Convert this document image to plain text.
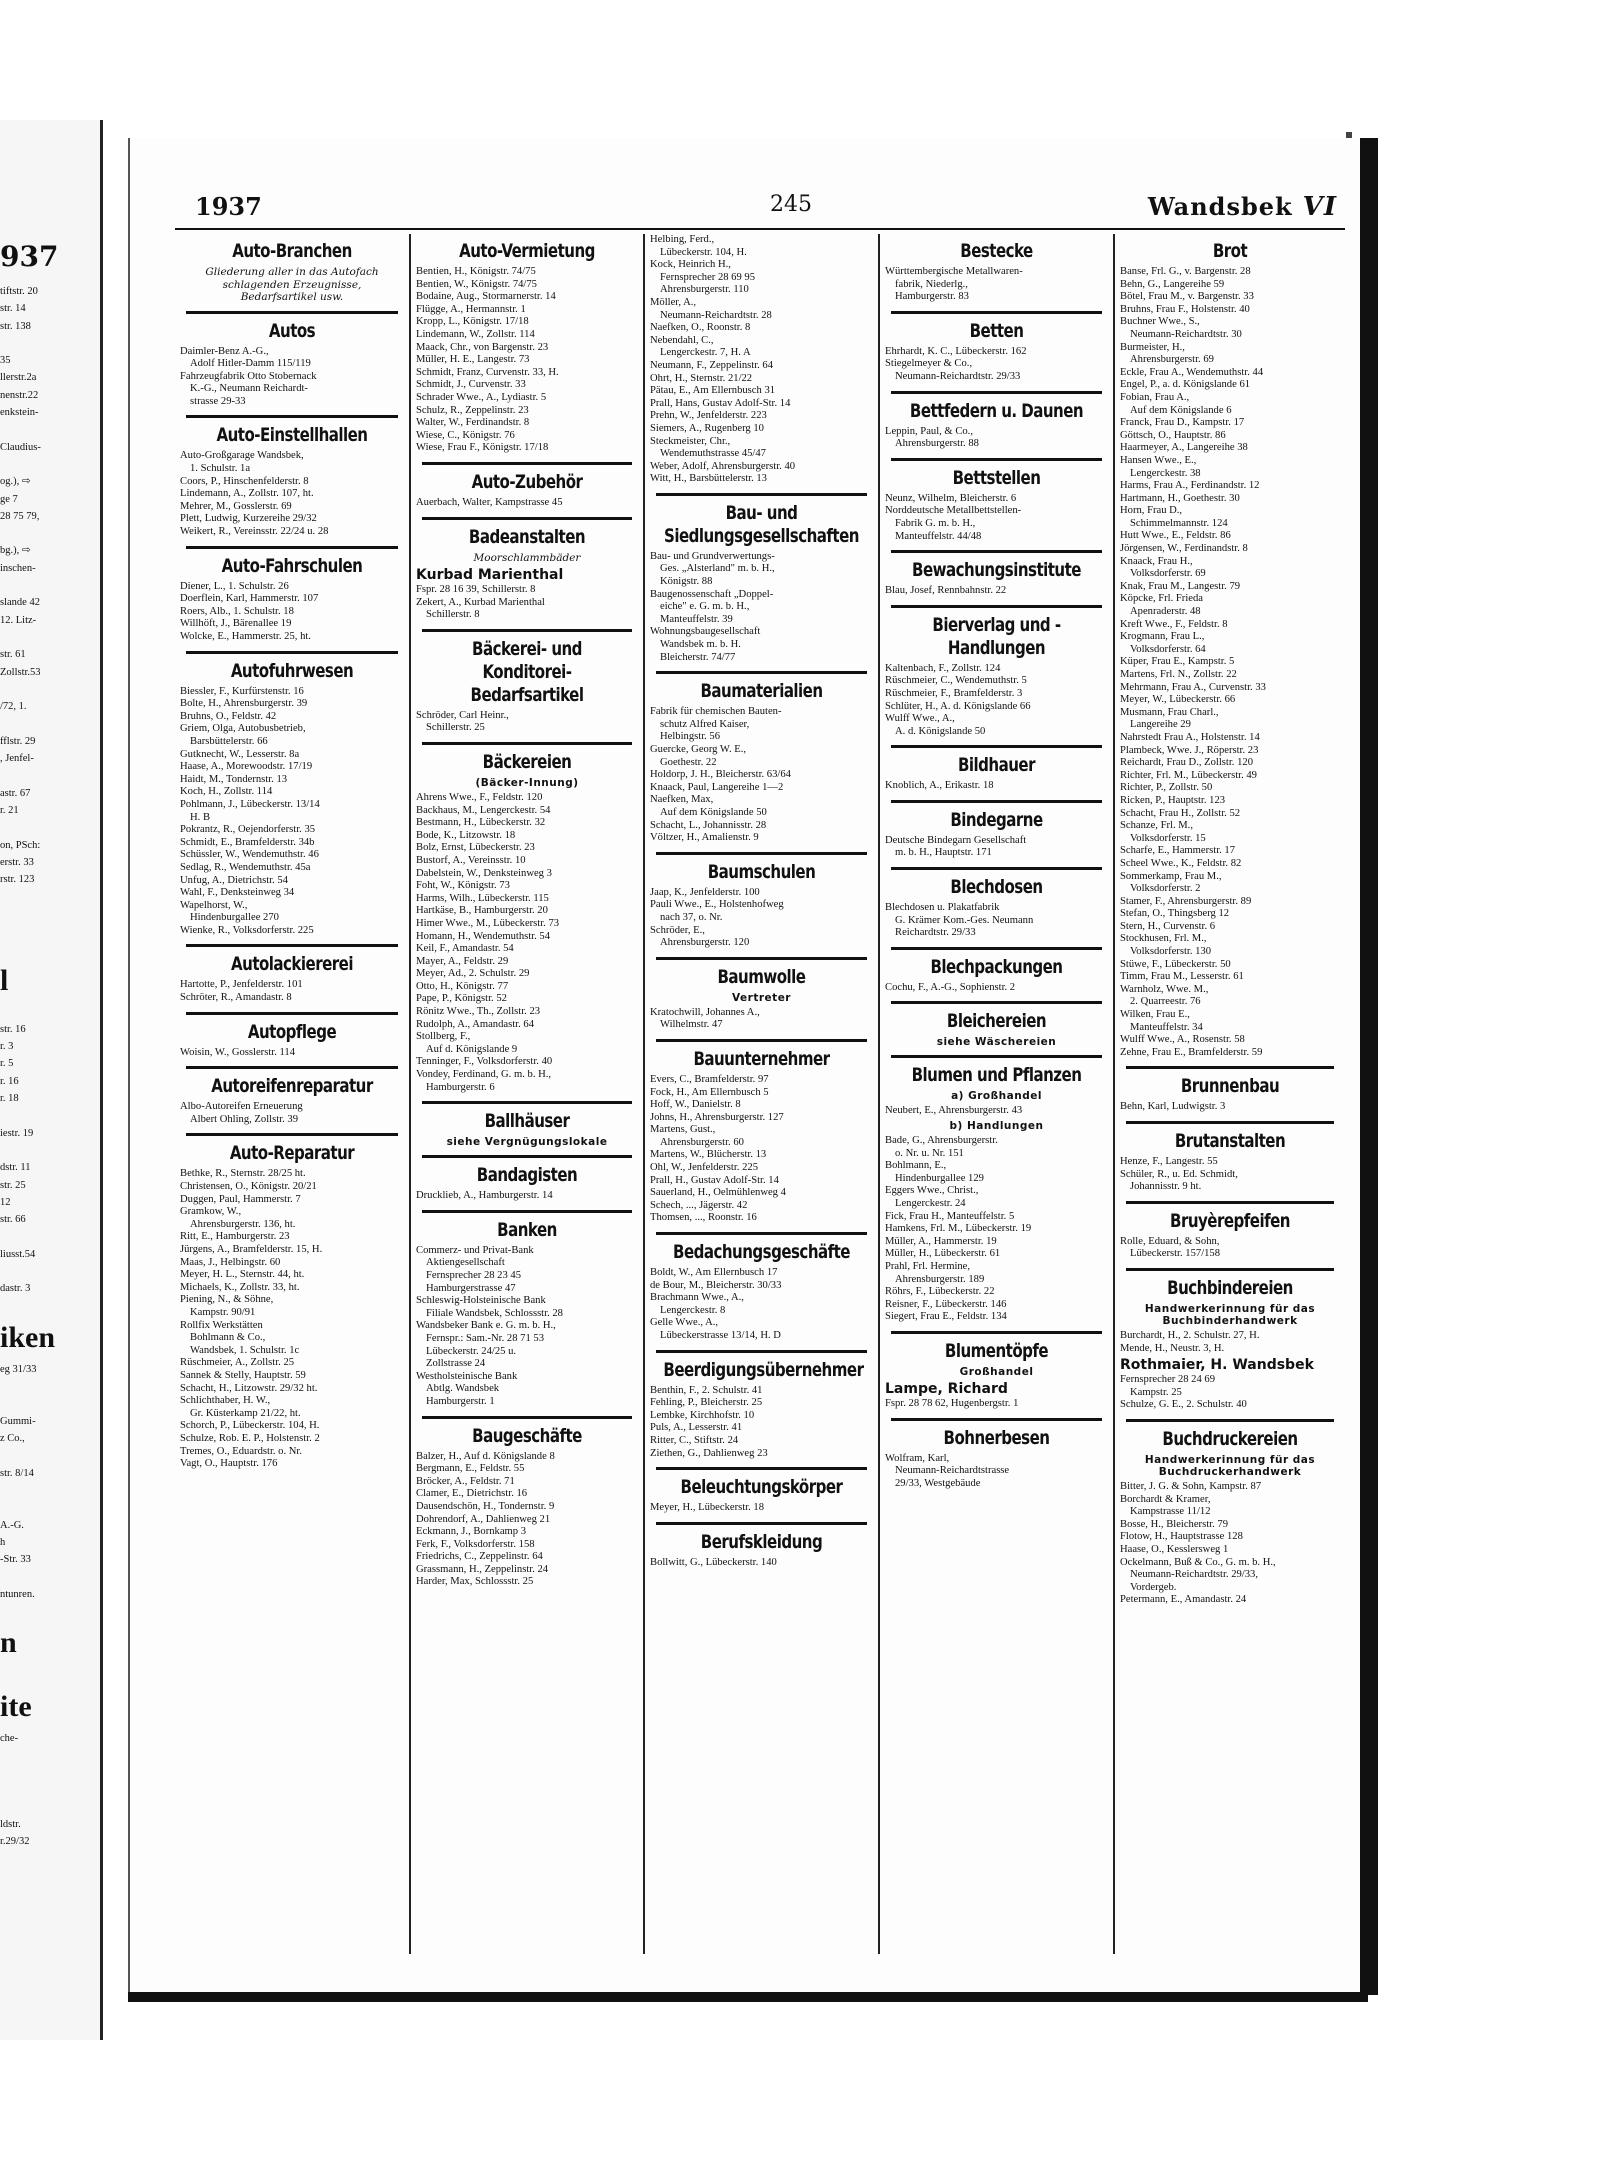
937
tiftstr. 20
str. 14
str. 138

35
llerstr.2a
nenstr.22
enkstein-

Claudius-

og.), ⇨
ge 7
28 75 79,

bg.), ⇨
inschen-

slande 42
12. Litz-

str. 61
Zollstr.53

/72, 1.

fflstr. 29
, Jenfel-

astr. 67
r. 21

on, PSch:
erstr. 33
rstr. 123

l

str. 16
r. 3
r. 5
r. 16
r. 18

iestr. 19

dstr. 11
str. 25
12
str. 66

liusst.54

dastr. 3

iken
eg 31/33

Gummi-
z Co.,

str. 8/14

A.-G.
h
-Str. 33

ntunren.

n

ite
che-

ldstr.
r.29/32
1937	245	Wandsbek VI
Auto-Branchen
Gliederung aller in das Autofach schlagenden Erzeugnisse, Bedarfsartikel usw.
Autos
Daimler-Benz A.-G.,
Adolf Hitler-Damm 115/119
Fahrzeugfabrik Otto Stobernack
K.-G., Neumann Reichardt-
strasse 29-33
Auto-Einstellhallen
Auto-Großgarage Wandsbek,
1. Schulstr. 1a
Coors, P., Hinschenfelderstr. 8
Lindemann, A., Zollstr. 107, ht.
Mehrer, M., Gosslerstr. 69
Plett, Ludwig, Kurzereihe 29/32
Weikert, R., Vereinsstr. 22/24 u. 28
Auto-Fahrschulen
Diener, L., 1. Schulstr. 26
Doerflein, Karl, Hammerstr. 107
Roers, Alb., 1. Schulstr. 18
Willhöft, J., Bärenallee 19
Wolcke, E., Hammerstr. 25, ht.
Autofuhrwesen
Biessler, F., Kurfürstenstr. 16
Bolte, H., Ahrensburgerstr. 39
Bruhns, O., Feldstr. 42
Griem, Olga, Autobusbetrieb,
Barsbüttelerstr. 66
Gutknecht, W., Lesserstr. 8a
Haase, A., Morewoodstr. 17/19
Haidt, M., Tondernstr. 13
Koch, H., Zollstr. 114
Pohlmann, J., Lübeckerstr. 13/14
H. B
Pokrantz, R., Oejendorferstr. 35
Schmidt, E., Bramfelderstr. 34b
Schüssler, W., Wendemuthstr. 46
Sedlag, R., Wendemuthstr. 45a
Unfug, A., Dietrichstr. 54
Wahl, F., Denksteinweg 34
Wapelhorst, W.,
Hindenburgallee 270
Wienke, R., Volksdorferstr. 225
Autolackiererei
Hartotte, P., Jenfelderstr. 101
Schröter, R., Amandastr. 8
Autopflege
Woisin, W., Gosslerstr. 114
Autoreifenreparatur
Albo-Autoreifen Erneuerung
Albert Ohling, Zollstr. 39
Auto-Reparatur
Bethke, R., Sternstr. 28/25 ht.
Christensen, O., Königstr. 20/21
Duggen, Paul, Hammerstr. 7
Gramkow, W.,
Ahrensburgerstr. 136, ht.
Ritt, E., Hamburgerstr. 23
Jürgens, A., Bramfelderstr. 15, H.
Maas, J., Helbingstr. 60
Meyer, H. L., Sternstr. 44, ht.
Michaels, K., Zollstr. 33, ht.
Piening, N., & Söhne,
Kampstr. 90/91
Rollfix Werkstätten
Bohlmann & Co.,
Wandsbek, 1. Schulstr. 1c
Rüschmeier, A., Zollstr. 25
Sannek & Stelly, Hauptstr. 59
Schacht, H., Litzowstr. 29/32 ht.
Schlichthaber, H. W.,
Gr. Küsterkamp 21/22, ht.
Schorch, P., Lübeckerstr. 104, H.
Schulze, Rob. E. P., Holstenstr. 2
Tremes, O., Eduardstr. o. Nr.
Vagt, O., Hauptstr. 176
Auto-Vermietung
Bentien, H., Königstr. 74/75
Bentien, W., Königstr. 74/75
Bodaine, Aug., Stormarnerstr. 14
Flügge, A., Hermannstr. 1
Kropp, L., Königstr. 17/18
Lindemann, W., Zollstr. 114
Maack, Chr., von Bargenstr. 23
Müller, H. E., Langestr. 73
Schmidt, Franz, Curvenstr. 33, H.
Schmidt, J., Curvenstr. 33
Schrader Wwe., A., Lydiastr. 5
Schulz, R., Zeppelinstr. 23
Walter, W., Ferdinandstr. 8
Wiese, C., Königstr. 76
Wiese, Frau F., Königstr. 17/18
Auto-Zubehör
Auerbach, Walter, Kampstrasse 45
Badeanstalten
Moorschlammbäder
Kurbad Marienthal
Fspr. 28 16 39, Schillerstr. 8
Zekert, A., Kurbad Marienthal
Schillerstr. 8
Bäckerei- und Konditorei-Bedarfsartikel
Schröder, Carl Heinr.,
Schillerstr. 25
Bäckereien
(Bäcker-Innung)
Ahrens Wwe., F., Feldstr. 120
Backhaus, M., Lengerckestr. 54
Bestmann, H., Lübeckerstr. 32
Bode, K., Litzowstr. 18
Bolz, Ernst, Lübeckerstr. 23
Bustorf, A., Vereinsstr. 10
Dabelstein, W., Denksteinweg 3
Foht, W., Königstr. 73
Harms, Wilh., Lübeckerstr. 115
Hartkäse, B., Hamburgerstr. 20
Himer Wwe., M., Lübeckerstr. 73
Homann, H., Wendemuthstr. 54
Keil, F., Amandastr. 54
Mayer, A., Feldstr. 29
Meyer, Ad., 2. Schulstr. 29
Otto, H., Königstr. 77
Pape, P., Königstr. 52
Rönitz Wwe., Th., Zollstr. 23
Rudolph, A., Amandastr. 64
Stollberg, F.,
Auf d. Königslande 9
Tenninger, F., Volksdorferstr. 40
Vondey, Ferdinand, G. m. b. H.,
Hamburgerstr. 6
Ballhäuser
siehe Vergnügungslokale
Bandagisten
Drucklieb, A., Hamburgerstr. 14
Banken
Commerz- und Privat-Bank
Aktiengesellschaft
Fernsprecher 28 23 45
Hamburgerstrasse 47
Schleswig-Holsteinische Bank
Filiale Wandsbek, Schlossstr. 28
Wandsbeker Bank e. G. m. b. H.,
Fernspr.: Sam.-Nr. 28 71 53
Lübeckerstr. 24/25 u.
Zollstrasse 24
Westholsteinische Bank
Abtlg. Wandsbek
Hamburgerstr. 1
Baugeschäfte
Balzer, H., Auf d. Königslande 8
Bergmann, E., Feldstr. 55
Bröcker, A., Feldstr. 71
Clamer, E., Dietrichstr. 16
Dausendschön, H., Tondernstr. 9
Dohrendorf, A., Dahlienweg 21
Eckmann, J., Bornkamp 3
Ferk, F., Volksdorferstr. 158
Friedrichs, C., Zeppelinstr. 64
Grassmann, H., Zeppelinstr. 24
Harder, Max, Schlossstr. 25
Helbing, Ferd.,
Lübeckerstr. 104, H.
Kock, Heinrich H.,
Fernsprecher 28 69 95
Ahrensburgerstr. 110
Möller, A.,
Neumann-Reichardtstr. 28
Naefken, O., Roonstr. 8
Nebendahl, C.,
Lengerckestr. 7, H. A
Neumann, F., Zeppelinstr. 64
Ohrt, H., Sternstr. 21/22
Pätau, E., Am Ellernbusch 31
Prall, Hans, Gustav Adolf-Str. 14
Prehn, W., Jenfelderstr. 223
Siemers, A., Rugenberg 10
Steckmeister, Chr.,
Wendemuthstrasse 45/47
Weber, Adolf, Ahrensburgerstr. 40
Witt, H., Barsbüttelerstr. 13
Bau- und Siedlungsgesellschaften
Bau- und Grundverwertungs-
Ges. „Alsterland" m. b. H.,
Königstr. 88
Baugenossenschaft „Doppel-
eiche" e. G. m. b. H.,
Manteuffelstr. 39
Wohnungsbaugesellschaft
Wandsbek m. b. H.
Bleicherstr. 74/77
Baumaterialien
Fabrik für chemischen Bauten-
schutz Alfred Kaiser,
Helbingstr. 56
Guercke, Georg W. E.,
Goethestr. 22
Holdorp, J. H., Bleicherstr. 63/64
Knaack, Paul, Langereihe 1—2
Naefken, Max,
Auf dem Königslande 50
Schacht, L., Johannisstr. 28
Völtzer, H., Amalienstr. 9
Baumschulen
Jaap, K., Jenfelderstr. 100
Pauli Wwe., E., Holstenhofweg
nach 37, o. Nr.
Schröder, E.,
Ahrensburgerstr. 120
Baumwolle
Vertreter
Kratochwill, Johannes A.,
Wilhelmstr. 47
Bauunternehmer
Evers, C., Bramfelderstr. 97
Fock, H., Am Ellernbusch 5
Hoff, W., Danielstr. 8
Johns, H., Ahrensburgerstr. 127
Martens, Gust.,
Ahrensburgerstr. 60
Martens, W., Blücherstr. 13
Ohl, W., Jenfelderstr. 225
Prall, H., Gustav Adolf-Str. 14
Sauerland, H., Oelmühlenweg 4
Schech, ..., Jägerstr. 42
Thomsen, ..., Roonstr. 16
Bedachungsgeschäfte
Boldt, W., Am Ellernbusch 17
de Bour, M., Bleicherstr. 30/33
Brachmann Wwe., A.,
Lengerckestr. 8
Gelle Wwe., A.,
Lübeckerstrasse 13/14, H. D
Beerdigungsübernehmer
Benthin, F., 2. Schulstr. 41
Fehling, P., Bleicherstr. 25
Lembke, Kirchhofstr. 10
Puls, A., Lesserstr. 41
Ritter, C., Stiftstr. 24
Ziethen, G., Dahlienweg 23
Beleuchtungskörper
Meyer, H., Lübeckerstr. 18
Berufskleidung
Bollwitt, G., Lübeckerstr. 140
Bestecke
Württembergische Metallwaren-
fabrik, Niederlg.,
Hamburgerstr. 83
Betten
Ehrhardt, K. C., Lübeckerstr. 162
Stiegelmeyer & Co.,
Neumann-Reichardtstr. 29/33
Bettfedern u. Daunen
Leppin, Paul, & Co.,
Ahrensburgerstr. 88
Bettstellen
Neunz, Wilhelm, Bleicherstr. 6
Norddeutsche Metallbettstellen-
Fabrik G. m. b. H.,
Manteuffelstr. 44/48
Bewachungsinstitute
Blau, Josef, Rennbahnstr. 22
Bierverlag und -Handlungen
Kaltenbach, F., Zollstr. 124
Rüschmeier, C., Wendemuthstr. 5
Rüschmeier, F., Bramfelderstr. 3
Schlüter, H., A. d. Königslande 66
Wulff Wwe., A.,
A. d. Königslande 50
Bildhauer
Knoblich, A., Erikastr. 18
Bindegarne
Deutsche Bindegarn Gesellschaft
m. b. H., Hauptstr. 171
Blechdosen
Blechdosen u. Plakatfabrik
G. Krämer Kom.-Ges. Neumann
Reichardtstr. 29/33
Blechpackungen
Cochu, F., A.-G., Sophienstr. 2
Bleichereien
siehe Wäschereien
Blumen und Pflanzen
a) Großhandel
Neubert, E., Ahrensburgerstr. 43
b) Handlungen
Bade, G., Ahrensburgerstr.
o. Nr. u. Nr. 151
Bohlmann, E.,
Hindenburgallee 129
Eggers Wwe., Christ.,
Lengerckestr. 24
Fick, Frau H., Manteuffelstr. 5
Hamkens, Frl. M., Lübeckerstr. 19
Müller, A., Hammerstr. 19
Müller, H., Lübeckerstr. 61
Prahl, Frl. Hermine,
Ahrensburgerstr. 189
Röhrs, F., Lübeckerstr. 22
Reisner, F., Lübeckerstr. 146
Siegert, Frau E., Feldstr. 134
Blumentöpfe
Großhandel
Lampe, Richard
Fspr. 28 78 62, Hugenbergstr. 1
Bohnerbesen
Wolfram, Karl,
Neumann-Reichardtstrasse
29/33, Westgebäude
Brot
Banse, Frl. G., v. Bargenstr. 28
Behn, G., Langereihe 59
Bötel, Frau M., v. Bargenstr. 33
Bruhns, Frau F., Holstenstr. 40
Buchner Wwe., S.,
Neumann-Reichardtstr. 30
Burmeister, H.,
Ahrensburgerstr. 69
Eckle, Frau A., Wendemuthstr. 44
Engel, P., a. d. Königslande 61
Fobian, Frau A.,
Auf dem Königslande 6
Franck, Frau D., Kampstr. 17
Göttsch, O., Hauptstr. 86
Haarmeyer, A., Langereihe 38
Hansen Wwe., E.,
Lengerckestr. 38
Harms, Frau A., Ferdinandstr. 12
Hartmann, H., Goethestr. 30
Horn, Frau D.,
Schimmelmannstr. 124
Hutt Wwe., E., Feldstr. 86
Jörgensen, W., Ferdinandstr. 8
Knaack, Frau H.,
Volksdorferstr. 69
Knak, Frau M., Langestr. 79
Köpcke, Frl. Frieda
Apenraderstr. 48
Kreft Wwe., F., Feldstr. 8
Krogmann, Frau L.,
Volksdorferstr. 64
Küper, Frau E., Kampstr. 5
Martens, Frl. N., Zollstr. 22
Mehrmann, Frau A., Curvenstr. 33
Meyer, W., Lübeckerstr. 66
Musmann, Frau Charl.,
Langereihe 29
Nahrstedt Frau A., Holstenstr. 14
Plambeck, Wwe. J., Röperstr. 23
Reichardt, Frau D., Zollstr. 120
Richter, Frl. M., Lübeckerstr. 49
Richter, P., Zollstr. 50
Ricken, P., Hauptstr. 123
Schacht, Frau H., Zollstr. 52
Schanze, Frl. M.,
Volksdorferstr. 15
Scharfe, E., Hammerstr. 17
Scheel Wwe., K., Feldstr. 82
Sommerkamp, Frau M.,
Volksdorferstr. 2
Stamer, F., Ahrensburgerstr. 89
Stefan, O., Thingsberg 12
Stern, H., Curvenstr. 6
Stockhusen, Frl. M.,
Volksdorferstr. 130
Stüwe, F., Lübeckerstr. 50
Timm, Frau M., Lesserstr. 61
Warnholz, Wwe. M.,
2. Quarreestr. 76
Wilken, Frau E.,
Manteuffelstr. 34
Wulff Wwe., A., Rosenstr. 58
Zehne, Frau E., Bramfelderstr. 59
Brunnenbau
Behn, Karl, Ludwigstr. 3
Brutanstalten
Henze, F., Langestr. 55
Schüler, R., u. Ed. Schmidt,
Johannisstr. 9 ht.
Bruyèrepfeifen
Rolle, Eduard, & Sohn,
Lübeckerstr. 157/158
Buchbindereien
Handwerkerinnung für das Buchbinderhandwerk
Burchardt, H., 2. Schulstr. 27, H.
Mende, H., Neustr. 3, H.
Rothmaier, H. Wandsbek
Fernsprecher 28 24 69
Kampstr. 25
Schulze, G. E., 2. Schulstr. 40
Buchdruckereien
Handwerkerinnung für das Buchdruckerhandwerk
Bitter, J. G. & Sohn, Kampstr. 87
Borchardt & Kramer,
Kampstrasse 11/12
Bosse, H., Bleicherstr. 79
Flotow, H., Hauptstrasse 128
Haase, O., Kesslersweg 1
Ockelmann, Buß & Co., G. m. b. H.,
Neumann-Reichardtstr. 29/33,
Vordergeb.
Petermann, E., Amandastr. 24
